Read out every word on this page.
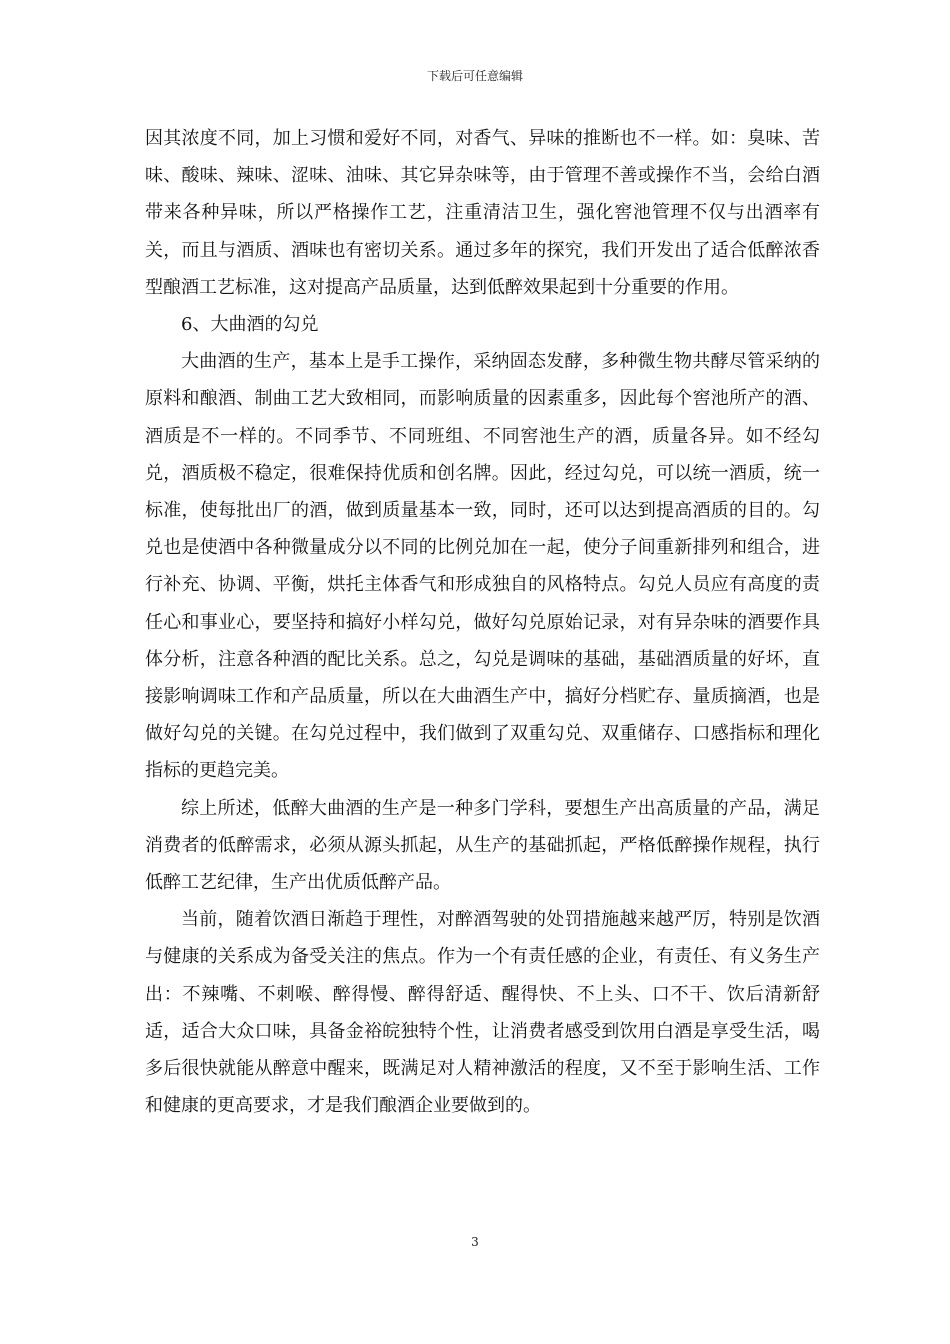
下载后可任意编辑

因其浓度不同，加上习惯和爱好不同，对香气、异味的推断也不一样。如：臭味、苦味、酸味、辣味、涩味、油味、其它异杂味等，由于管理不善或操作不当，会给白酒带来各种异味，所以严格操作工艺，注重清洁卫生，强化窖池管理不仅与出酒率有关，而且与酒质、酒味也有密切关系。通过多年的探究，我们开发出了适合低醉浓香型酿酒工艺标准，这对提高产品质量，达到低醉效果起到十分重要的作用。

6、大曲酒的勾兑

大曲酒的生产，基本上是手工操作，采纳固态发酵，多种微生物共酵尽管采纳的原料和酿酒、制曲工艺大致相同，而影响质量的因素重多，因此每个窖池所产的酒、酒质是不一样的。不同季节、不同班组、不同窖池生产的酒，质量各异。如不经勾兑，酒质极不稳定，很难保持优质和创名牌。因此，经过勾兑，可以统一酒质，统一标准，使每批出厂的酒，做到质量基本一致，同时，还可以达到提高酒质的目的。勾兑也是使酒中各种微量成分以不同的比例兑加在一起，使分子间重新排列和组合，进行补充、协调、平衡，烘托主体香气和形成独自的风格特点。勾兑人员应有高度的责任心和事业心，要坚持和搞好小样勾兑，做好勾兑原始记录，对有异杂味的酒要作具体分析，注意各种酒的配比关系。总之，勾兑是调味的基础，基础酒质量的好坏，直接影响调味工作和产品质量，所以在大曲酒生产中，搞好分档贮存、量质摘酒，也是做好勾兑的关键。在勾兑过程中，我们做到了双重勾兑、双重储存、口感指标和理化指标的更趋完美。

综上所述，低醉大曲酒的生产是一种多门学科，要想生产出高质量的产品，满足消费者的低醉需求，必须从源头抓起，从生产的基础抓起，严格低醉操作规程，执行低醉工艺纪律，生产出优质低醉产品。

当前，随着饮酒日渐趋于理性，对醉酒驾驶的处罚措施越来越严厉，特别是饮酒与健康的关系成为备受关注的焦点。作为一个有责任感的企业，有责任、有义务生产出：不辣嘴、不刺喉、醉得慢、醉得舒适、醒得快、不上头、口不干、饮后清新舒适，适合大众口味，具备金裕皖独特个性，让消费者感受到饮用白酒是享受生活，喝多后很快就能从醉意中醒来，既满足对人精神激活的程度，又不至于影响生活、工作和健康的更高要求，才是我们酿酒企业要做到的。

3
